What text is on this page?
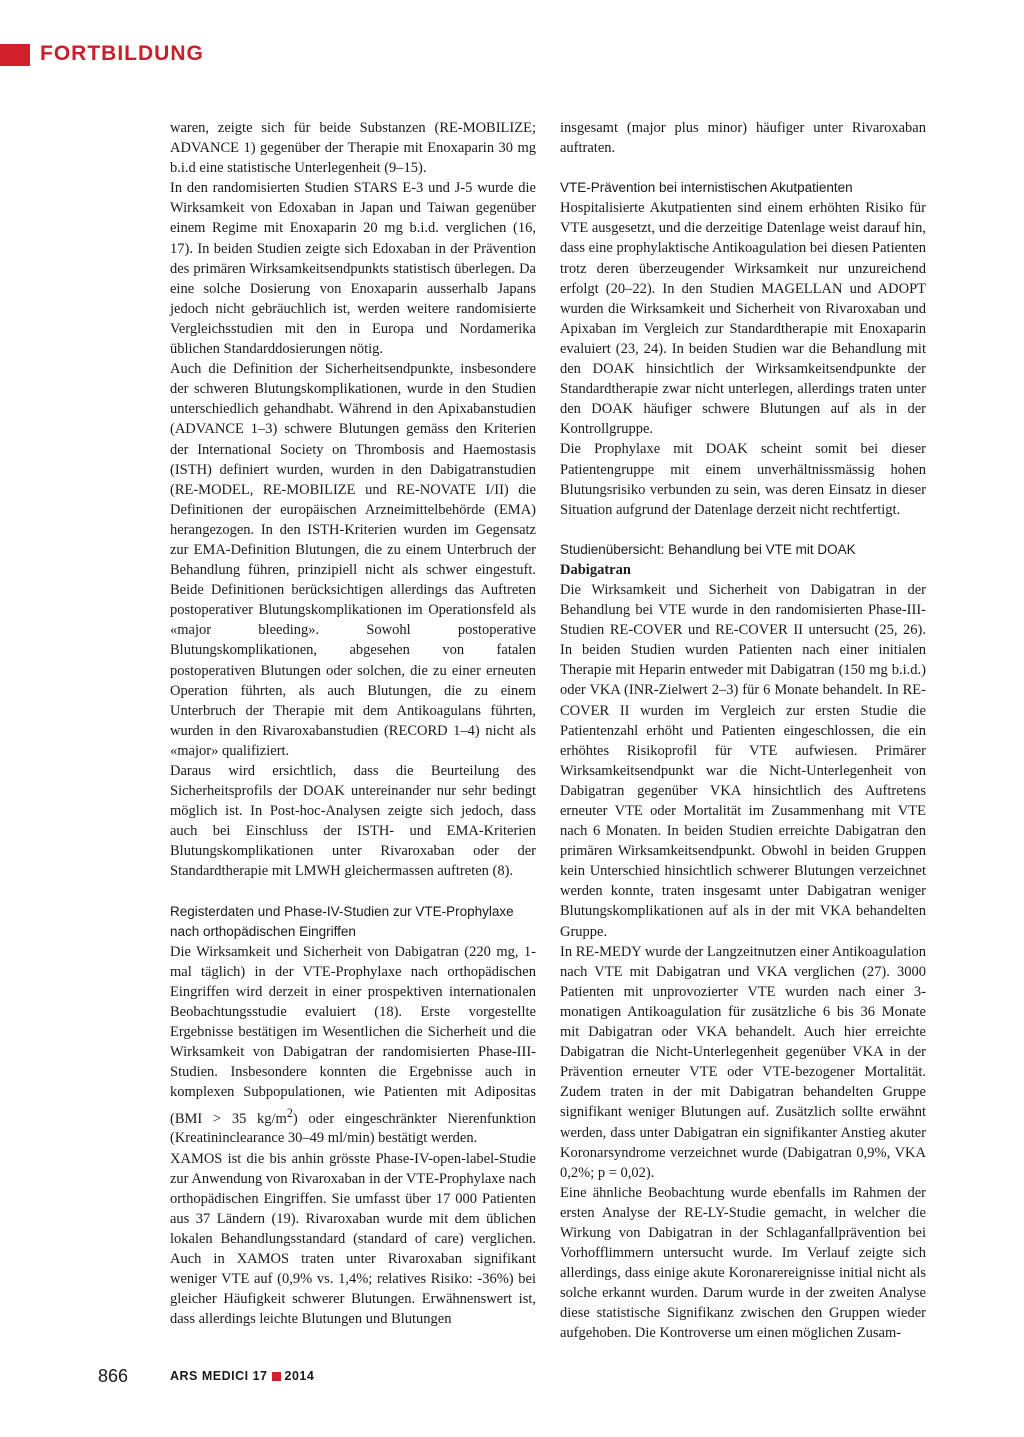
FORTBILDUNG

waren, zeigte sich für beide Substanzen (RE-MOBILIZE; ADVANCE 1) gegenüber der Therapie mit Enoxaparin 30 mg b.i.d eine statistische Unterlegenheit (9–15).

In den randomisierten Studien STARS E-3 und J-5 wurde die Wirksamkeit von Edoxaban in Japan und Taiwan gegenüber einem Regime mit Enoxaparin 20 mg b.i.d. verglichen (16, 17). In beiden Studien zeigte sich Edoxaban in der Prävention des primären Wirksamkeitsendpunkts statistisch überlegen. Da eine solche Dosierung von Enoxaparin ausserhalb Japans jedoch nicht gebräuchlich ist, werden weitere randomisierte Vergleichsstudien mit den in Europa und Nordamerika üblichen Standarddosierungen nötig.

Auch die Definition der Sicherheitsendpunkte, insbesondere der schweren Blutungskomplikationen, wurde in den Studien unterschiedlich gehandhabt. Während in den Apixabanstudien (ADVANCE 1–3) schwere Blutungen gemäss den Kriterien der International Society on Thrombosis and Haemostasis (ISTH) definiert wurden, wurden in den Dabigatranstudien (RE-MODEL, RE-MOBILIZE und RE-NOVATE I/II) die Definitionen der europäischen Arzneimittelbehörde (EMA) herangezogen. In den ISTH-Kriterien wurden im Gegensatz zur EMA-Definition Blutungen, die zu einem Unterbruch der Behandlung führen, prinzipiell nicht als schwer eingestuft. Beide Definitionen berücksichtigen allerdings das Auftreten postoperativer Blutungskomplikationen im Operationsfeld als «major bleeding». Sowohl postoperative Blutungskomplikationen, abgesehen von fatalen postoperativen Blutungen oder solchen, die zu einer erneuten Operation führten, als auch Blutungen, die zu einem Unterbruch der Therapie mit dem Antikoagulans führten, wurden in den Rivaroxabanstudien (RECORD 1–4) nicht als «major» qualifiziert.

Daraus wird ersichtlich, dass die Beurteilung des Sicherheitsprofils der DOAK untereinander nur sehr bedingt möglich ist. In Post-hoc-Analysen zeigte sich jedoch, dass auch bei Einschluss der ISTH- und EMA-Kriterien Blutungskomplikationen unter Rivaroxaban oder der Standardtherapie mit LMWH gleichermassen auftreten (8).

Registerdaten und Phase-IV-Studien zur VTE-Prophylaxe nach orthopädischen Eingriffen

Die Wirksamkeit und Sicherheit von Dabigatran (220 mg, 1-mal täglich) in der VTE-Prophylaxe nach orthopädischen Eingriffen wird derzeit in einer prospektiven internationalen Beobachtungsstudie evaluiert (18). Erste vorgestellte Ergebnisse bestätigen im Wesentlichen die Sicherheit und die Wirksamkeit von Dabigatran der randomisierten Phase-III-Studien. Insbesondere konnten die Ergebnisse auch in komplexen Subpopulationen, wie Patienten mit Adipositas (BMI > 35 $kg/m^2$) oder eingeschränkter Nierenfunktion (Kreatininclearance 30–49 ml/min) bestätigt werden.

XAMOS ist die bis anhin grösste Phase-IV-open-label-Studie zur Anwendung von Rivaroxaban in der VTE-Prophylaxe nach orthopädischen Eingriffen. Sie umfasst über 17 000 Patienten aus 37 Ländern (19). Rivaroxaban wurde mit dem üblichen lokalen Behandlungsstandard (standard of care) verglichen. Auch in XAMOS traten unter Rivaroxaban signifikant weniger VTE auf (0,9% vs. 1,4%; relatives Risiko: -36%) bei gleicher Häufigkeit schwerer Blutungen. Erwähnenswert ist, dass allerdings leichte Blutungen und Blutungen

insgesamt (major plus minor) häufiger unter Rivaroxaban auftraten.

VTE-Prävention bei internistischen Akutpatienten

Hospitalisierte Akutpatienten sind einem erhöhten Risiko für VTE ausgesetzt, und die derzeitige Datenlage weist darauf hin, dass eine prophylaktische Antikoagulation bei diesen Patienten trotz deren überzeugender Wirksamkeit nur unzureichend erfolgt (20–22). In den Studien MAGELLAN und ADOPT wurden die Wirksamkeit und Sicherheit von Rivaroxaban und Apixaban im Vergleich zur Standardtherapie mit Enoxaparin evaluiert (23, 24). In beiden Studien war die Behandlung mit den DOAK hinsichtlich der Wirksamkeitsendpunkte der Standardtherapie zwar nicht unterlegen, allerdings traten unter den DOAK häufiger schwere Blutungen auf als in der Kontrollgruppe.

Die Prophylaxe mit DOAK scheint somit bei dieser Patientengruppe mit einem unverhältnissmässig hohen Blutungsrisiko verbunden zu sein, was deren Einsatz in dieser Situation aufgrund der Datenlage derzeit nicht rechtfertigt.

Studienübersicht: Behandlung bei VTE mit DOAK
Dabigatran

Die Wirksamkeit und Sicherheit von Dabigatran in der Behandlung bei VTE wurde in den randomisierten Phase-III-Studien RE-COVER und RE-COVER II untersucht (25, 26). In beiden Studien wurden Patienten nach einer initialen Therapie mit Heparin entweder mit Dabigatran (150 mg b.i.d.) oder VKA (INR-Zielwert 2–3) für 6 Monate behandelt. In RE-COVER II wurden im Vergleich zur ersten Studie die Patientenzahl erhöht und Patienten eingeschlossen, die ein erhöhtes Risikoprofil für VTE aufwiesen. Primärer Wirksamkeitsendpunkt war die Nicht-Unterlegenheit von Dabigatran gegenüber VKA hinsichtlich des Auftretens erneuter VTE oder Mortalität im Zusammenhang mit VTE nach 6 Monaten. In beiden Studien erreichte Dabigatran den primären Wirksamkeitsendpunkt. Obwohl in beiden Gruppen kein Unterschied hinsichtlich schwerer Blutungen verzeichnet werden konnte, traten insgesamt unter Dabigatran weniger Blutungskomplikationen auf als in der mit VKA behandelten Gruppe.

In RE-MEDY wurde der Langzeitnutzen einer Antikoagulation nach VTE mit Dabigatran und VKA verglichen (27). 3000 Patienten mit unprovozierter VTE wurden nach einer 3-monatigen Antikoagulation für zusätzliche 6 bis 36 Monate mit Dabigatran oder VKA behandelt. Auch hier erreichte Dabigatran die Nicht-Unterlegenheit gegenüber VKA in der Prävention erneuter VTE oder VTE-bezogener Mortalität. Zudem traten in der mit Dabigatran behandelten Gruppe signifikant weniger Blutungen auf. Zusätzlich sollte erwähnt werden, dass unter Dabigatran ein signifikanter Anstieg akuter Koronarsyndrome verzeichnet wurde (Dabigatran 0,9%, VKA 0,2%; p = 0,02).

Eine ähnliche Beobachtung wurde ebenfalls im Rahmen der ersten Analyse der RE-LY-Studie gemacht, in welcher die Wirkung von Dabigatran in der Schlaganfallprävention bei Vorhofflimmern untersucht wurde. Im Verlauf zeigte sich allerdings, dass einige akute Koronarereignisse initial nicht als solche erkannt wurden. Darum wurde in der zweiten Analyse diese statistische Signifikanz zwischen den Gruppen wieder aufgehoben. Die Kontroverse um einen möglichen Zusam-

866	ARS MEDICI 17 2014
